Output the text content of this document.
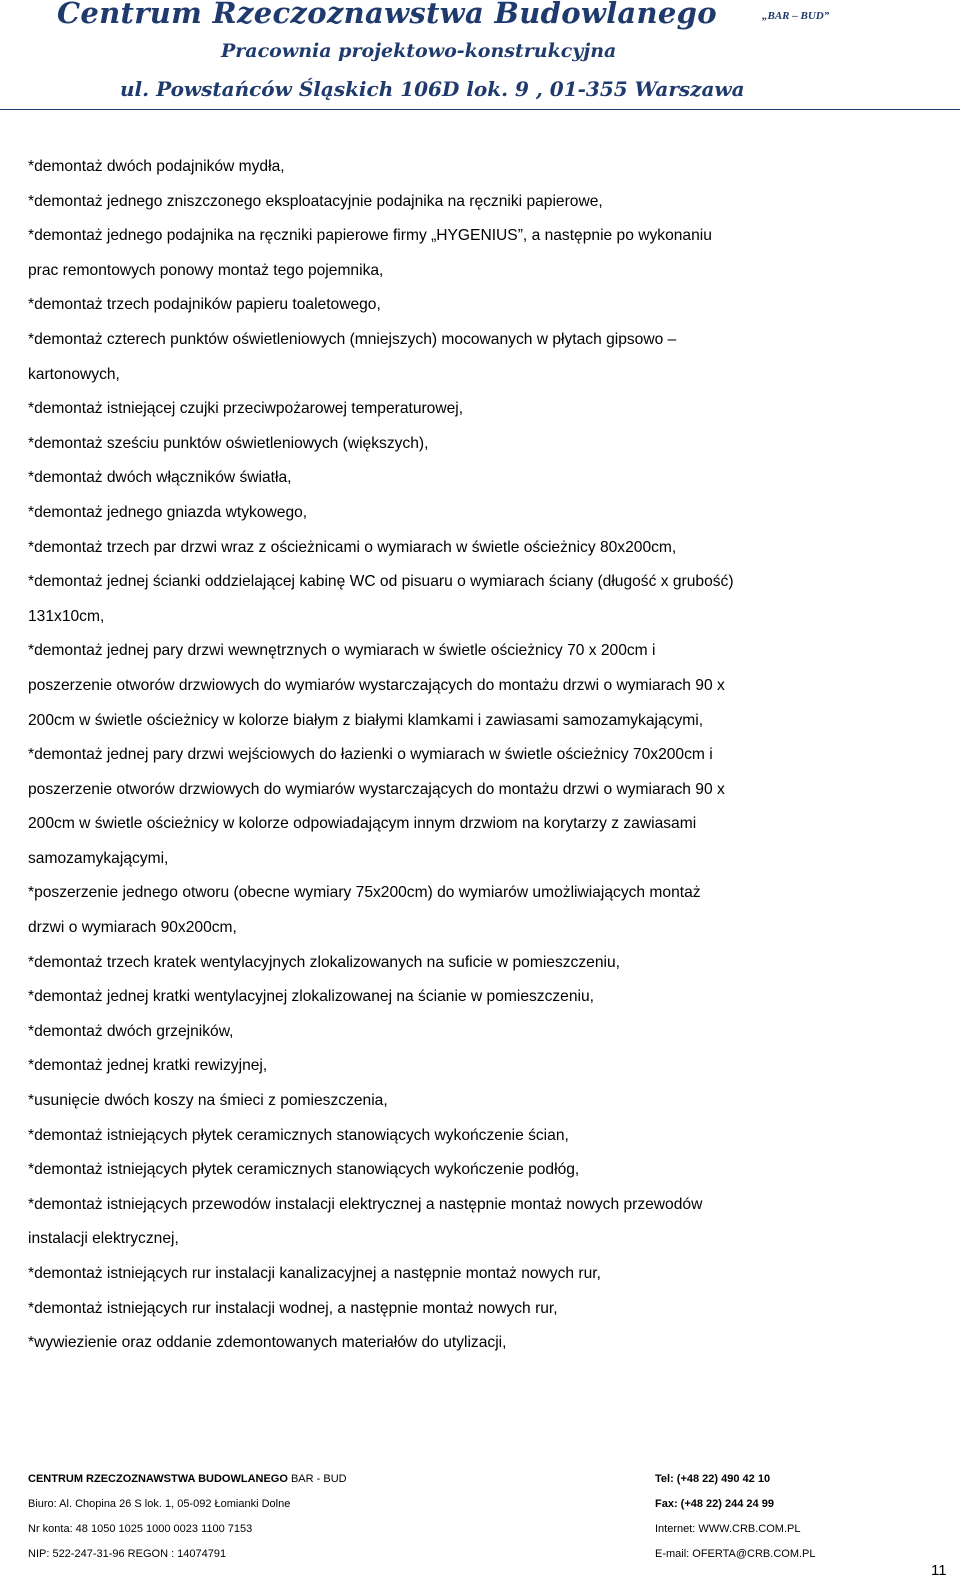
Centrum Rzeczoznawstwa Budowlanego	„BAR – BUD”
Pracownia projektowo-konstrukcyjna
ul. Powstańców Śląskich 106D lok. 9 , 01-355 Warszawa
*demontaż dwóch podajników mydła,
*demontaż jednego zniszczonego eksploatacyjnie podajnika na ręczniki papierowe,
*demontaż jednego podajnika na ręczniki papierowe firmy „HYGENIUS”, a następnie po wykonaniu
prac remontowych ponowy montaż tego pojemnika,
*demontaż trzech podajników papieru toaletowego,
*demontaż czterech punktów oświetleniowych (mniejszych) mocowanych w płytach gipsowo –
kartonowych,
*demontaż istniejącej czujki przeciwpożarowej temperaturowej,
*demontaż sześciu punktów oświetleniowych (większych),
*demontaż dwóch włączników światła,
*demontaż jednego gniazda wtykowego,
*demontaż trzech par drzwi wraz z ościeżnicami o wymiarach w świetle ościeżnicy 80x200cm,
*demontaż jednej ścianki oddzielającej kabinę WC od pisuaru o wymiarach ściany (długość x grubość)
131x10cm,
*demontaż jednej pary drzwi wewnętrznych o wymiarach w świetle ościeżnicy 70 x 200cm i
poszerzenie otworów drzwiowych do wymiarów wystarczających do montażu drzwi o wymiarach 90 x
200cm w świetle ościeżnicy w kolorze białym z białymi klamkami i zawiasami samozamykającymi,
*demontaż jednej pary drzwi wejściowych do łazienki o wymiarach w świetle ościeżnicy 70x200cm i
poszerzenie otworów drzwiowych do wymiarów wystarczających do montażu drzwi o wymiarach 90 x
200cm w świetle ościeżnicy w kolorze odpowiadającym innym drzwiom na korytarzy z zawiasami
samozamykającymi,
*poszerzenie jednego otworu (obecne wymiary 75x200cm) do wymiarów umożliwiających montaż
drzwi o wymiarach 90x200cm,
*demontaż trzech kratek wentylacyjnych zlokalizowanych na suficie w pomieszczeniu,
*demontaż jednej kratki wentylacyjnej zlokalizowanej na ścianie w pomieszczeniu,
*demontaż dwóch grzejników,
*demontaż jednej kratki rewizyjnej,
*usunięcie dwóch koszy na śmieci z pomieszczenia,
*demontaż istniejących płytek ceramicznych stanowiących wykończenie ścian,
*demontaż istniejących płytek ceramicznych stanowiących wykończenie podłóg,
*demontaż istniejących przewodów instalacji elektrycznej a następnie montaż nowych przewodów
instalacji elektrycznej,
*demontaż istniejących rur instalacji kanalizacyjnej a następnie montaż nowych rur,
*demontaż istniejących rur instalacji wodnej, a następnie montaż nowych rur,
*wywiezienie oraz oddanie zdemontowanych materiałów do utylizacji,
CENTRUM RZECZOZNAWSTWA BUDOWLANEGO BAR - BUD
Biuro: Al. Chopina 26 S lok. 1, 05-092 Łomianki Dolne
Nr konta: 48 1050 1025 1000 0023 1100 7153
NIP: 522-247-31-96 REGON : 14074791
Tel: (+48 22) 490 42 10
Fax: (+48 22) 244 24 99
Internet: WWW.CRB.COM.PL
E-mail: OFERTA@CRB.COM.PL
11
